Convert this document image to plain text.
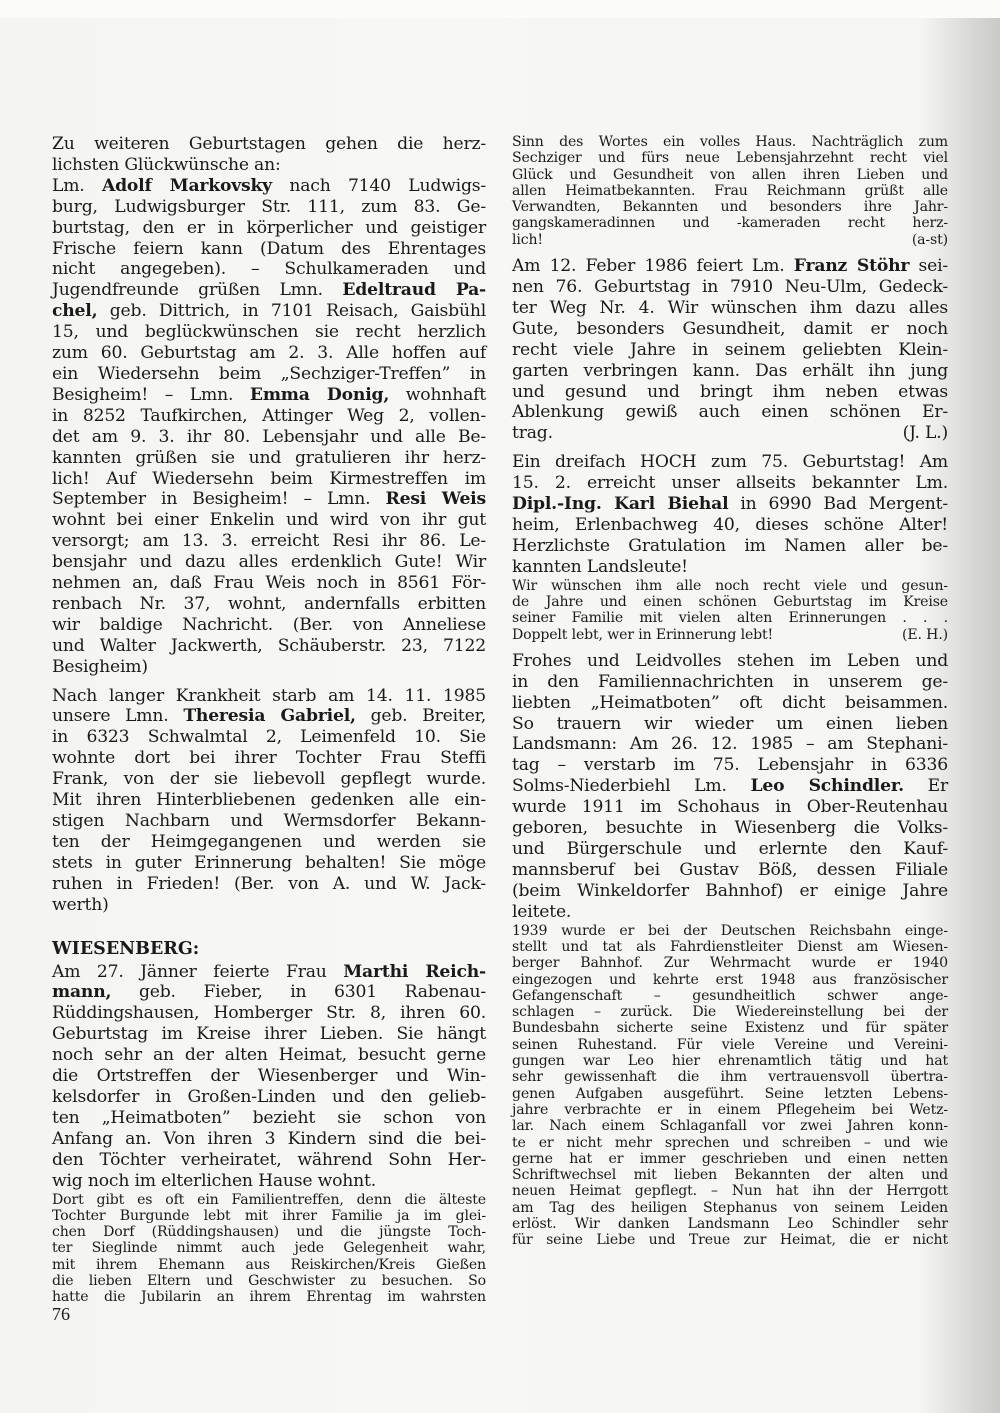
Zu weiteren Geburtstagen gehen die herz-
lichsten Glückwünsche an:
Lm. Adolf Markovsky nach 7140 Ludwigs-
burg, Ludwigsburger Str. 111, zum 83. Ge-
burtstag, den er in körperlicher und geistiger
Frische feiern kann (Datum des Ehrentages
nicht angegeben). – Schulkameraden und
Jugendfreunde grüßen Lmn. Edeltraud Pa-
chel, geb. Dittrich, in 7101 Reisach, Gaisbühl
15, und beglückwünschen sie recht herzlich
zum 60. Geburtstag am 2. 3. Alle hoffen auf
ein Wiedersehn beim „Sechziger-Treffen” in
Besigheim! – Lmn. Emma Donig, wohnhaft
in 8252 Taufkirchen, Attinger Weg 2, vollen-
det am 9. 3. ihr 80. Lebensjahr und alle Be-
kannten grüßen sie und gratulieren ihr herz-
lich! Auf Wiedersehn beim Kirmestreffen im
September in Besigheim! – Lmn. Resi Weis
wohnt bei einer Enkelin und wird von ihr gut
versorgt; am 13. 3. erreicht Resi ihr 86. Le-
bensjahr und dazu alles erdenklich Gute! Wir
nehmen an, daß Frau Weis noch in 8561 För-
renbach Nr. 37, wohnt, andernfalls erbitten
wir baldige Nachricht. (Ber. von Anneliese
und Walter Jackwerth, Schäuberstr. 23, 7122
Besigheim)
Nach langer Krankheit starb am 14. 11. 1985
unsere Lmn. Theresia Gabriel, geb. Breiter,
in 6323 Schwalmtal 2, Leimenfeld 10. Sie
wohnte dort bei ihrer Tochter Frau Steffi
Frank, von der sie liebevoll gepflegt wurde.
Mit ihren Hinterbliebenen gedenken alle ein-
stigen Nachbarn und Wermsdorfer Bekann-
ten der Heimgegangenen und werden sie
stets in guter Erinnerung behalten! Sie möge
ruhen in Frieden! (Ber. von A. und W. Jack-
werth)
WIESENBERG:
Am 27. Jänner feierte Frau Marthi Reich-
mann, geb. Fieber, in 6301 Rabenau-
Rüddingshausen, Homberger Str. 8, ihren 60.
Geburtstag im Kreise ihrer Lieben. Sie hängt
noch sehr an der alten Heimat, besucht gerne
die Ortstreffen der Wiesenberger und Win-
kelsdorfer in Großen-Linden und den gelieb-
ten „Heimatboten” bezieht sie schon von
Anfang an. Von ihren 3 Kindern sind die bei-
den Töchter verheiratet, während Sohn Her-
wig noch im elterlichen Hause wohnt.
Dort gibt es oft ein Familientreffen, denn die älteste
Tochter Burgunde lebt mit ihrer Familie ja im glei-
chen Dorf (Rüddingshausen) und die jüngste Toch-
ter Sieglinde nimmt auch jede Gelegenheit wahr,
mit ihrem Ehemann aus Reiskirchen/Kreis Gießen
die lieben Eltern und Geschwister zu besuchen. So
hatte die Jubilarin an ihrem Ehrentag im wahrsten
Sinn des Wortes ein volles Haus. Nachträglich zum
Sechziger und fürs neue Lebensjahrzehnt recht viel
Glück und Gesundheit von allen ihren Lieben und
allen Heimatbekannten. Frau Reichmann grüßt alle
Verwandten, Bekannten und besonders ihre Jahr-
gangskameradinnen und -kameraden recht herz-
lich!	(a-st)
Am 12. Feber 1986 feiert Lm. Franz Stöhr sei-
nen 76. Geburtstag in 7910 Neu-Ulm, Gedeck-
ter Weg Nr. 4. Wir wünschen ihm dazu alles
Gute, besonders Gesundheit, damit er noch
recht viele Jahre in seinem geliebten Klein-
garten verbringen kann. Das erhält ihn jung
und gesund und bringt ihm neben etwas
Ablenkung gewiß auch einen schönen Er-
trag.	(J. L.)
Ein dreifach HOCH zum 75. Geburtstag! Am
15. 2. erreicht unser allseits bekannter Lm.
Dipl.-Ing. Karl Biehal in 6990 Bad Mergent-
heim, Erlenbachweg 40, dieses schöne Alter!
Herzlichste Gratulation im Namen aller be-
kannten Landsleute!
Wir wünschen ihm alle noch recht viele und gesun-
de Jahre und einen schönen Geburtstag im Kreise
seiner Familie mit vielen alten Erinnerungen . . .
Doppelt lebt, wer in Erinnerung lebt!	(E. H.)
Frohes und Leidvolles stehen im Leben und
in den Familiennachrichten in unserem ge-
liebten „Heimatboten” oft dicht beisammen.
So trauern wir wieder um einen lieben
Landsmann: Am 26. 12. 1985 – am Stephani-
tag – verstarb im 75. Lebensjahr in 6336
Solms-Niederbiehl Lm. Leo Schindler. Er
wurde 1911 im Schohaus in Ober-Reutenhau
geboren, besuchte in Wiesenberg die Volks-
und Bürgerschule und erlernte den Kauf-
mannsberuf bei Gustav Böß, dessen Filiale
(beim Winkeldorfer Bahnhof) er einige Jahre
leitete.
1939 wurde er bei der Deutschen Reichsbahn einge-
stellt und tat als Fahrdienstleiter Dienst am Wiesen-
berger Bahnhof. Zur Wehrmacht wurde er 1940
eingezogen und kehrte erst 1948 aus französischer
Gefangenschaft – gesundheitlich schwer ange-
schlagen – zurück. Die Wiedereinstellung bei der
Bundesbahn sicherte seine Existenz und für später
seinen Ruhestand. Für viele Vereine und Vereini-
gungen war Leo hier ehrenamtlich tätig und hat
sehr gewissenhaft die ihm vertrauensvoll übertra-
genen Aufgaben ausgeführt. Seine letzten Lebens-
jahre verbrachte er in einem Pflegeheim bei Wetz-
lar. Nach einem Schlaganfall vor zwei Jahren konn-
te er nicht mehr sprechen und schreiben – und wie
gerne hat er immer geschrieben und einen netten
Schriftwechsel mit lieben Bekannten der alten und
neuen Heimat gepflegt. – Nun hat ihn der Herrgott
am Tag des heiligen Stephanus von seinem Leiden
erlöst. Wir danken Landsmann Leo Schindler sehr
für seine Liebe und Treue zur Heimat, die er nicht
76
